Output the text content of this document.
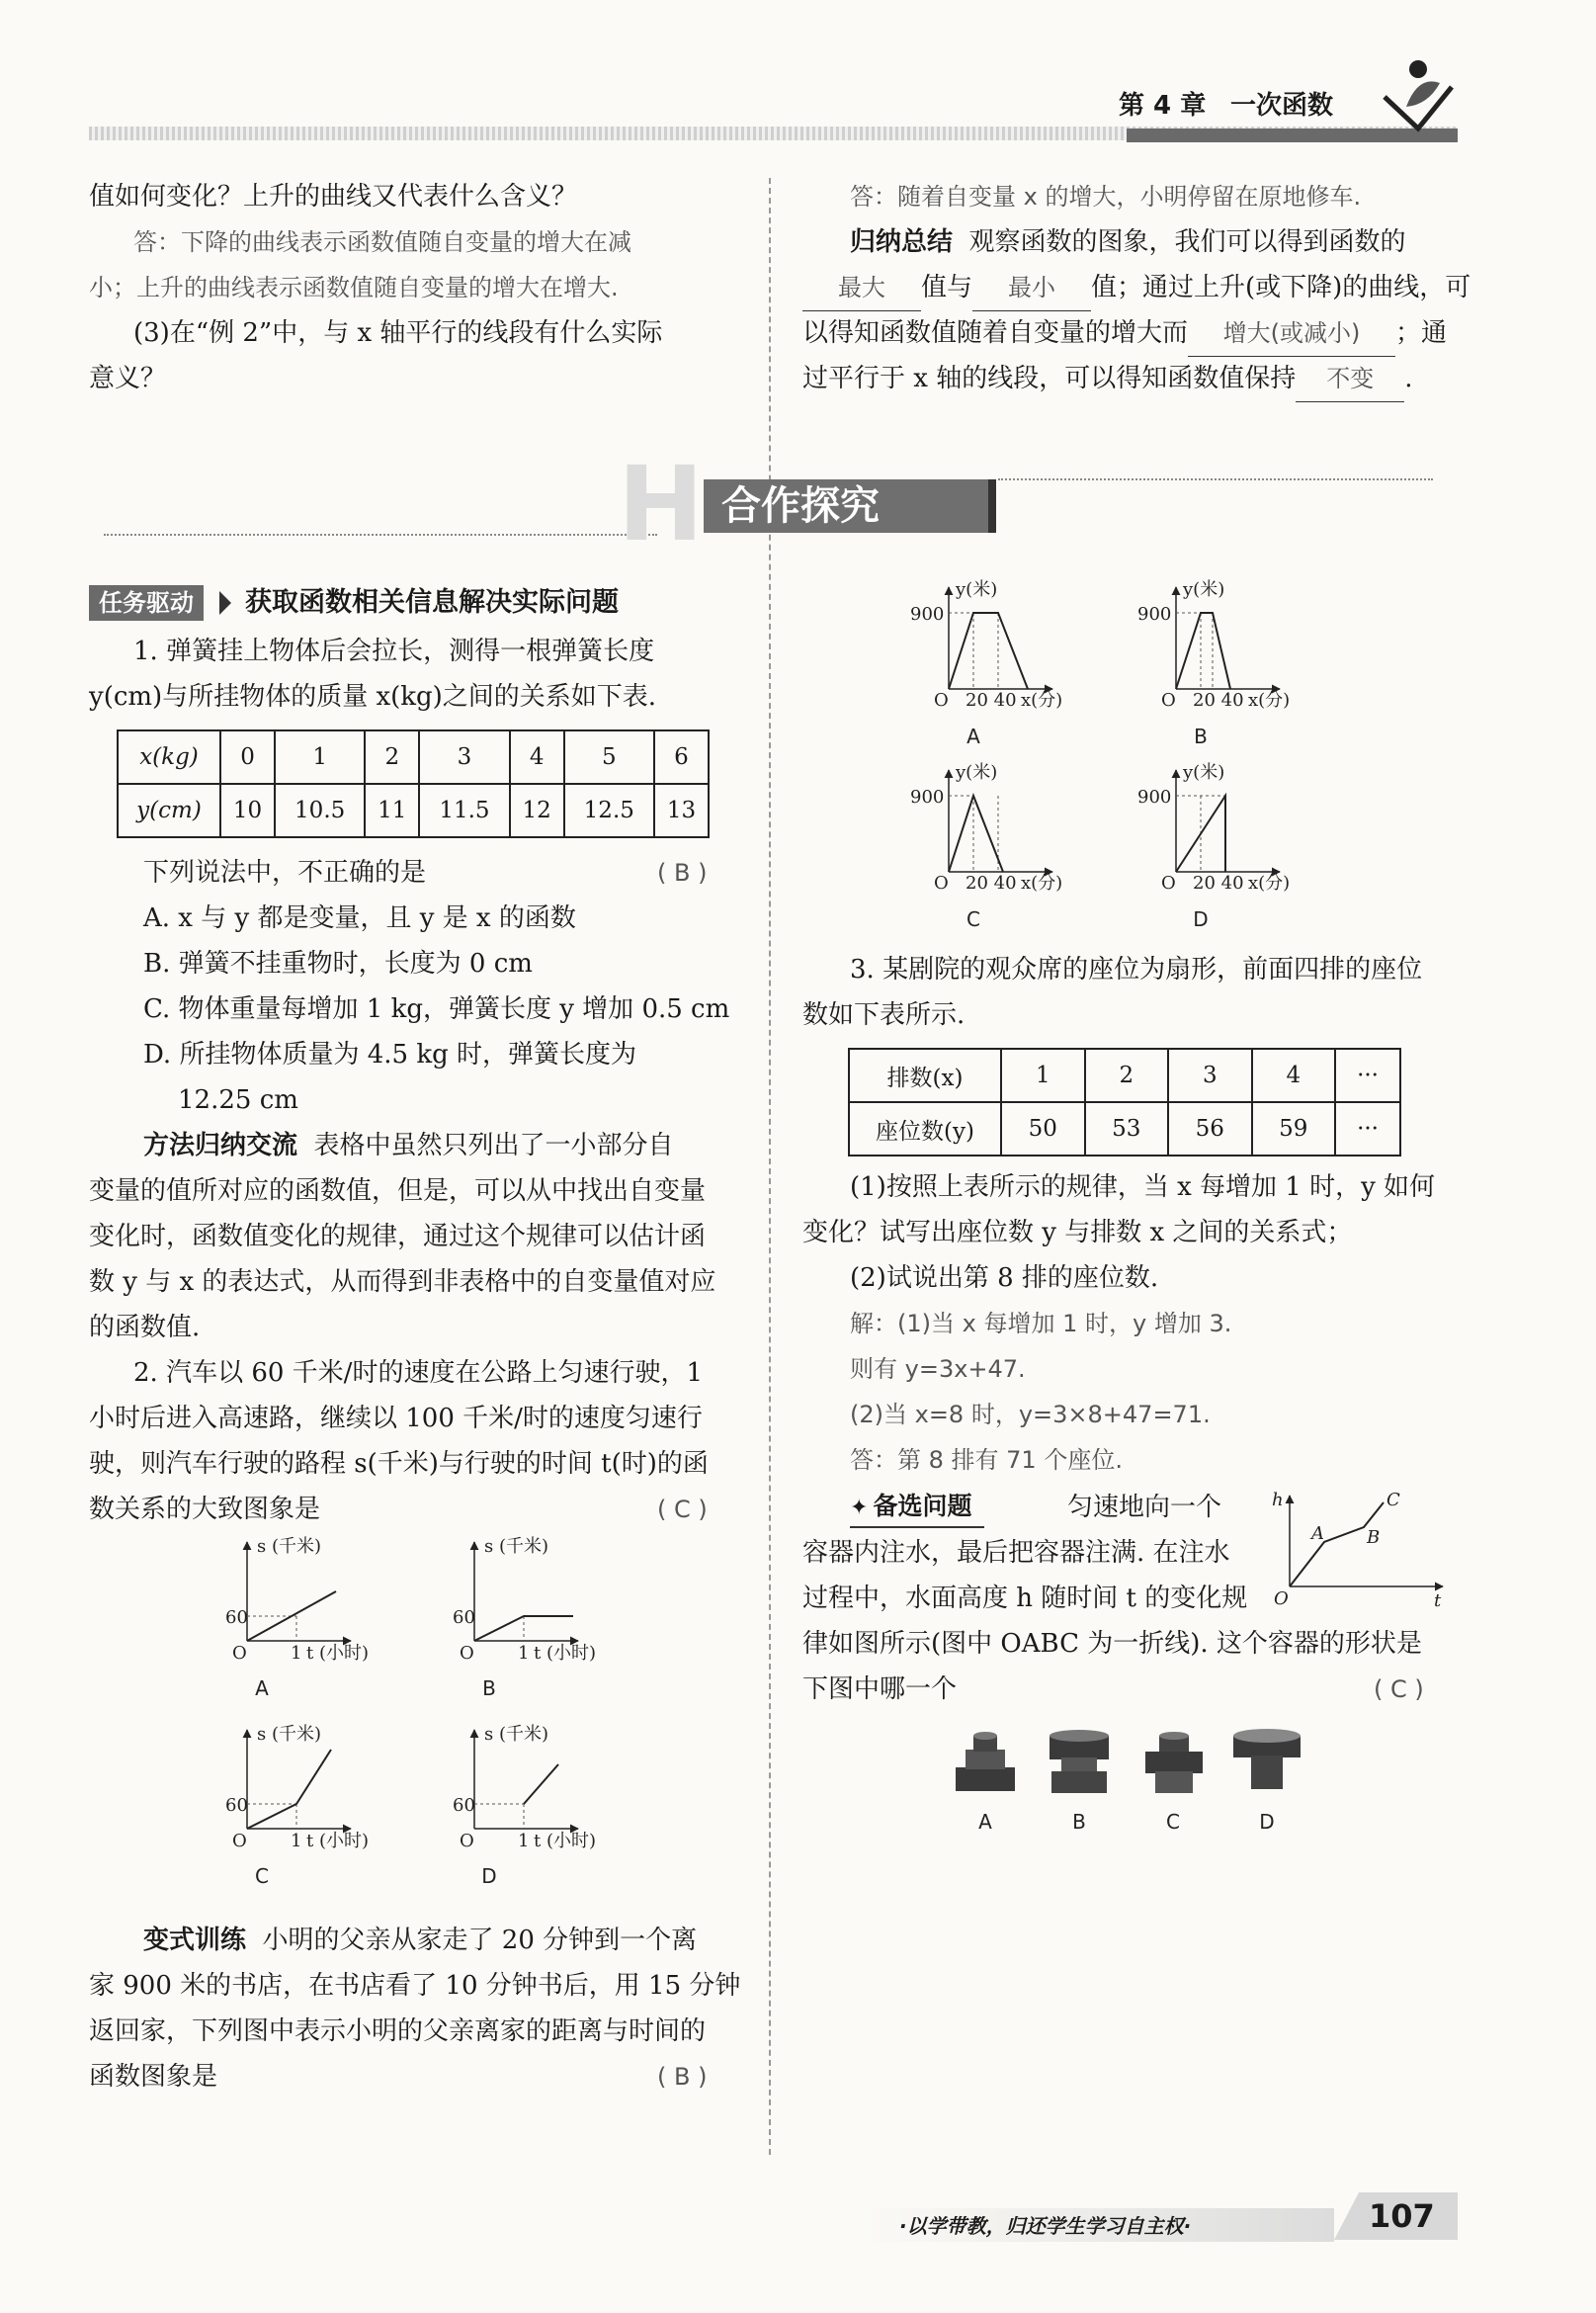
第 4 章 一次函数
值如何变化？上升的曲线又代表什么含义？
答：下降的曲线表示函数值随自变量的增大在减
小；上升的曲线表示函数值随自变量的增大在增大.
(3)在“例 2”中，与 x 轴平行的线段有什么实际
意义？
答：随着自变量 x 的增大，小明停留在原地修车.
归纳总结 观察函数的图象，我们可以得到函数的
最大 值与 最小 值；通过上升(或下降)的曲线，可
以得知函数值随着自变量的增大而 增大(或减小) ；通
过平行于 x 轴的线段，可以得知函数值保持 不变 .
H 合作探究
任务驱动	获取函数相关信息解决实际问题
1. 弹簧挂上物体后会拉长，测得一根弹簧长度
y(cm)与所挂物体的质量 x(kg)之间的关系如下表.
x(kg)	0	1	2	3	4	5	6
y(cm)	10	10.5	11	11.5	12	12.5	13
下列说法中，不正确的是	( B )
A. x 与 y 都是变量，且 y 是 x 的函数
B. 弹簧不挂重物时，长度为 0 cm
C. 物体重量每增加 1 kg，弹簧长度 y 增加 0.5 cm
D. 所挂物体质量为 4.5 kg 时，弹簧长度为
12.25 cm
方法归纳交流 表格中虽然只列出了一小部分自
变量的值所对应的函数值，但是，可以从中找出自变量
变化时，函数值变化的规律，通过这个规律可以估计函
数 y 与 x 的表达式，从而得到非表格中的自变量值对应
的函数值.
2. 汽车以 60 千米/时的速度在公路上匀速行驶，1
小时后进入高速路，继续以 100 千米/时的速度匀速行
驶，则汽车行驶的路程 s(千米)与行驶的时间 t(时)的函
数关系的大致图象是	( C )
s (千米)
60
O 1 t (小时)
A
s (千米)
60
O 1 t (小时)
B
s (千米)
60
O 1 t (小时)
C
s (千米)
60
O 1 t (小时)
D
变式训练 小明的父亲从家走了 20 分钟到一个离
家 900 米的书店，在书店看了 10 分钟书后，用 15 分钟
返回家，下列图中表示小明的父亲离家的距离与时间的
函数图象是	( B )
y(米)
900
O 20 40 x(分)
A
y(米)
900
O 20 40 x(分)
B
y(米)
900
O 20 40 x(分)
C
y(米)
900
O 20 40 x(分)
D
3. 某剧院的观众席的座位为扇形，前面四排的座位
数如下表所示.
排数(x)	1	2	3	4	···
座位数(y)	50	53	56	59	···
(1)按照上表所示的规律，当 x 每增加 1 时，y 如何
变化？试写出座位数 y 与排数 x 之间的关系式；
(2)试说出第 8 排的座位数.
解：(1)当 x 每增加 1 时，y 增加 3.
则有 y=3x+47.
(2)当 x=8 时，y=3×8+47=71.
答：第 8 排有 71 个座位.
✦ 备选问题	匀速地向一个
容器内注水，最后把容器注满. 在注水
过程中，水面高度 h 随时间 t 的变化规
律如图所示(图中 OABC 为一折线). 这个容器的形状是
下图中哪一个	( C )
h
t
O
A B
C
A	B	C	D
·以学带教，归还学生学习自主权·	107
